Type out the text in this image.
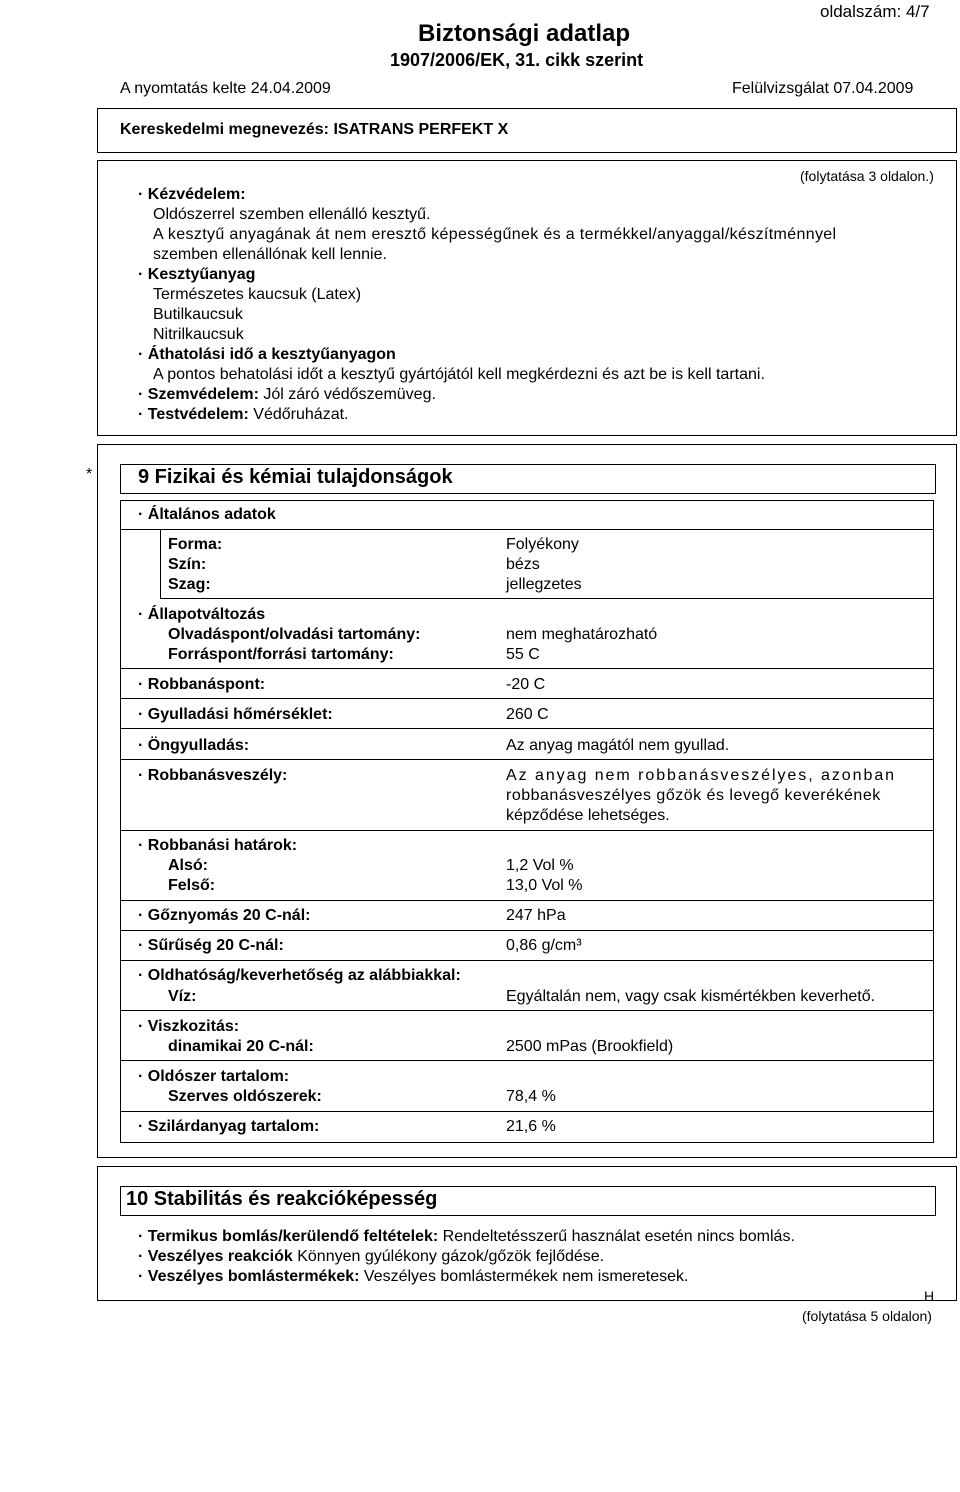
oldalszám: 4/7
Biztonsági adatlap
1907/2006/EK, 31. cikk szerint
A nyomtatás kelte 24.04.2009	Felülvizsgálat 07.04.2009
Kereskedelmi megnevezés: ISATRANS PERFEKT X
(folytatása 3 oldalon.)
· Kézvédelem:
Oldószerrel szemben ellenálló kesztyű.
A kesztyű anyagának át nem eresztő képességűnek és a termékkel/anyaggal/készítménnyel
szemben ellenállónak kell lennie.
· Kesztyűanyag
Természetes kaucsuk (Latex)
Butilkaucsuk
Nitrilkaucsuk
· Áthatolási idő a kesztyűanyagon
A pontos behatolási időt a kesztyű gyártójától kell megkérdezni és azt be is kell tartani.
· Szemvédelem: Jól záró védőszemüveg.
· Testvédelem: Védőruházat.
* 9 Fizikai és kémiai tulajdonságok
· Általános adatok
Forma:	Folyékony
Szín:	bézs
Szag:	jellegzetes
· Állapotváltozás
Olvadáspont/olvadási tartomány:	nem meghatározható
Forráspont/forrási tartomány:	55 C
· Robbanáspont:	-20 C
· Gyulladási hőmérséklet:	260 C
· Öngyulladás:	Az anyag magától nem gyullad.
· Robbanásveszély:	Az anyag nem robbanásveszélyes, azonban
robbanásveszélyes gőzök és levegő keverékének
képződése lehetséges.
· Robbanási határok:
Alsó:	1,2 Vol %
Felső:	13,0 Vol %
· Gőznyomás 20 C-nál:	247 hPa
· Sűrűség 20 C-nál:	0,86 g/cm³
· Oldhatóság/keverhetőség az alábbiakkal:
Víz:	Egyáltalán nem, vagy csak kismértékben keverhető.
· Viszkozitás:
dinamikai 20 C-nál:	2500 mPas (Brookfield)
· Oldószer tartalom:
Szerves oldószerek:	78,4 %
· Szilárdanyag tartalom:	21,6 %
10 Stabilitás és reakcióképesség
· Termikus bomlás/kerülendő feltételek: Rendeltetésszerű használat esetén nincs bomlás.
· Veszélyes reakciók Könnyen gyúlékony gázok/gőzök fejlődése.
· Veszélyes bomlástermékek: Veszélyes bomlástermékek nem ismeretesek.
H
(folytatása 5 oldalon)
